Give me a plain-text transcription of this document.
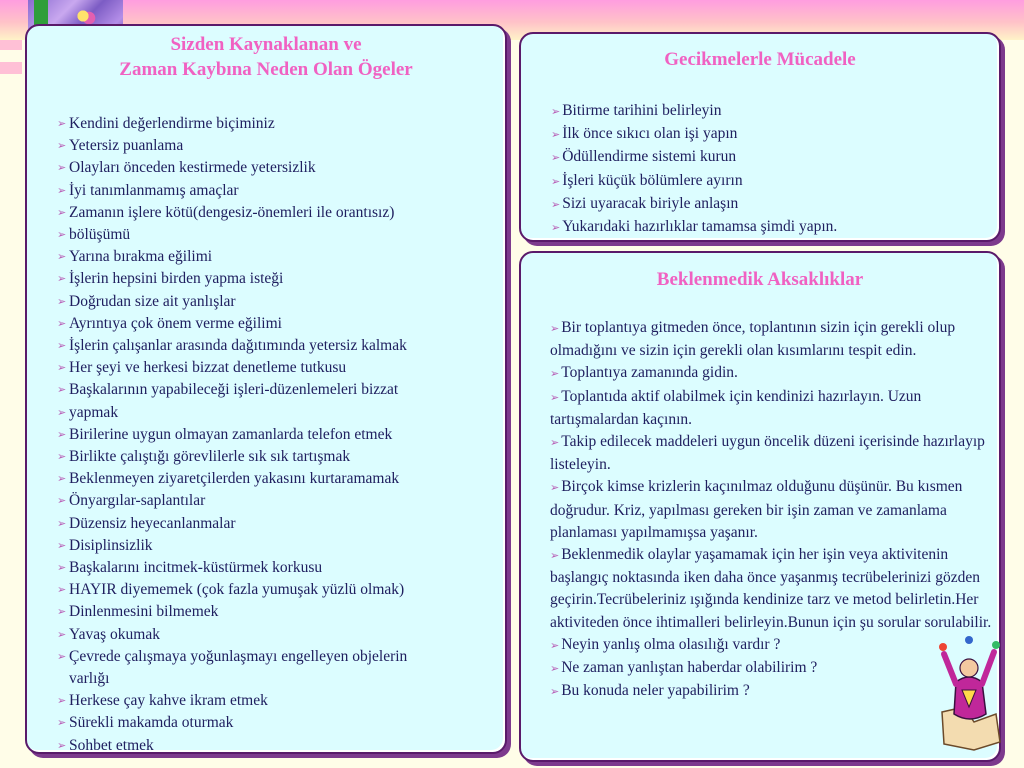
Sizden Kaynaklanan ve
Zaman Kaybına Neden Olan Ögeler
➢ Kendini değerlendirme biçiminiz
➢ Yetersiz puanlama
➢ Olayları önceden kestirmede yetersizlik
➢ İyi tanımlanmamış amaçlar
➢ Zamanın işlere kötü(dengesiz-önemleri ile orantısız)
➢ bölüşümü
➢ Yarına bırakma eğilimi
➢ İşlerin hepsini birden yapma isteği
➢ Doğrudan size ait yanlışlar
➢ Ayrıntıya çok önem verme eğilimi
➢ İşlerin çalışanlar arasında dağıtımında yetersiz kalmak
➢ Her şeyi ve herkesi bizzat denetleme tutkusu
➢ Başkalarının yapabileceği işleri-düzenlemeleri bizzat
➢ yapmak
➢ Birilerine uygun olmayan zamanlarda telefon etmek
➢ Birlikte çalıştığı görevlilerle sık sık tartışmak
➢ Beklenmeyen ziyaretçilerden yakasını kurtaramamak
➢ Önyargılar-saplantılar
➢ Düzensiz heyecanlanmalar
➢ Disiplinsizlik
➢ Başkalarını incitmek-küstürmek korkusu
➢ HAYIR diyememek (çok fazla yumuşak yüzlü olmak)
➢ Dinlenmesini bilmemek
➢ Yavaş okumak
➢ Çevrede çalışmaya yoğunlaşmayı engelleyen objelerin
varlığı
➢ Herkese çay kahve ikram etmek
➢ Sürekli makamda oturmak
➢ Sohbet etmek
Gecikmelerle Mücadele
➢ Bitirme tarihini belirleyin
➢ İlk önce sıkıcı olan işi yapın
➢ Ödüllendirme sistemi kurun
➢ İşleri küçük bölümlere ayırın
➢ Sizi uyaracak biriyle anlaşın
➢ Yukarıdaki hazırlıklar tamamsa şimdi yapın.
Beklenmedik Aksaklıklar
➢ Bir toplantıya gitmeden önce, toplantının sizin için gerekli olup olmadığını ve sizin için gerekli olan kısımlarını tespit edin.
➢ Toplantıya zamanında gidin.
➢ Toplantıda aktif olabilmek için kendinizi hazırlayın. Uzun tartışmalardan kaçının.
➢ Takip edilecek maddeleri uygun öncelik düzeni içerisinde hazırlayıp listeleyin.
➢ Birçok kimse krizlerin kaçınılmaz olduğunu düşünür. Bu kısmen doğrudur. Kriz, yapılması gereken bir işin zaman ve zamanlama planlaması yapılmamışsa yaşanır.
➢ Beklenmedik olaylar yaşamamak için her işin veya aktivitenin başlangıç noktasında iken daha önce yaşanmış tecrübelerinizi gözden geçirin.Tecrübeleriniz ışığında kendinize tarz ve metod belirletin.Her aktiviteden önce ihtimalleri belirleyin.Bunun için şu sorular sorulabilir.
➢ Neyin yanlış olma olasılığı vardır ?
➢ Ne zaman yanlıştan haberdar olabilirim ?
➢ Bu konuda neler yapabilirim ?
